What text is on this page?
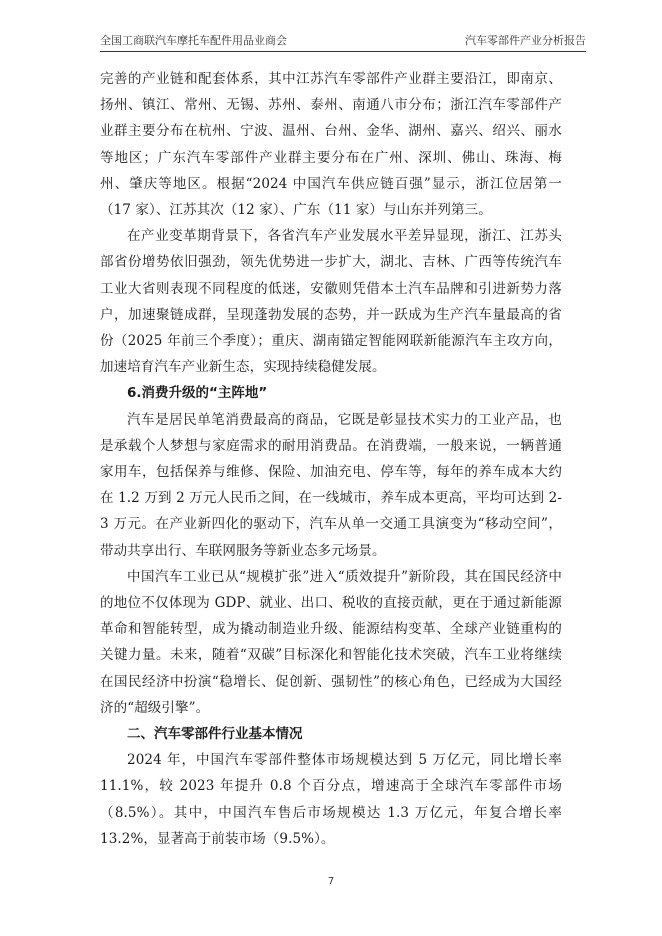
全国工商联汽车摩托车配件用品业商会	汽车零部件产业分析报告

完善的产业链和配套体系，其中江苏汽车零部件产业群主要沿江，即南京、扬州、镇江、常州、无锡、苏州、泰州、南通八市分布；浙江汽车零部件产业群主要分布在杭州、宁波、温州、台州、金华、湖州、嘉兴、绍兴、丽水等地区；广东汽车零部件产业群主要分布在广州、深圳、佛山、珠海、梅州、肇庆等地区。根据“2024 中国汽车供应链百强”显示，浙江位居第一（17 家）、江苏其次（12 家）、广东（11 家）与山东并列第三。

在产业变革期背景下，各省汽车产业发展水平差异显现，浙江、江苏头部省份增势依旧强劲，领先优势进一步扩大，湖北、吉林、广西等传统汽车工业大省则表现不同程度的低迷，安徽则凭借本土汽车品牌和引进新势力落户，加速聚链成群，呈现蓬勃发展的态势，并一跃成为生产汽车量最高的省份（2025 年前三个季度）；重庆、湖南锚定智能网联新能源汽车主攻方向，加速培育汽车产业新生态，实现持续稳健发展。

6.消费升级的“主阵地”

汽车是居民单笔消费最高的商品，它既是彰显技术实力的工业产品，也是承载个人梦想与家庭需求的耐用消费品。在消费端，一般来说，一辆普通家用车，包括保养与维修、保险、加油充电、停车等，每年的养车成本大约在 1.2 万到 2 万元人民币之间，在一线城市，养车成本更高，平均可达到 2-3 万元。在产业新四化的驱动下，汽车从单一交通工具演变为“移动空间”，带动共享出行、车联网服务等新业态多元场景。

中国汽车工业已从“规模扩张”进入“质效提升”新阶段，其在国民经济中的地位不仅体现为 GDP、就业、出口、税收的直接贡献，更在于通过新能源革命和智能转型，成为撬动制造业升级、能源结构变革、全球产业链重构的关键力量。未来，随着“双碳”目标深化和智能化技术突破，汽车工业将继续在国民经济中扮演“稳增长、促创新、强韧性”的核心角色，已经成为大国经济的“超级引擎”。

二、汽车零部件行业基本情况

2024 年，中国汽车零部件整体市场规模达到 5 万亿元，同比增长率 11.1%，较 2023 年提升 0.8 个百分点，增速高于全球汽车零部件市场（8.5%）。其中，中国汽车售后市场规模达 1.3 万亿元，年复合增长率 13.2%，显著高于前装市场（9.5%）。

7
